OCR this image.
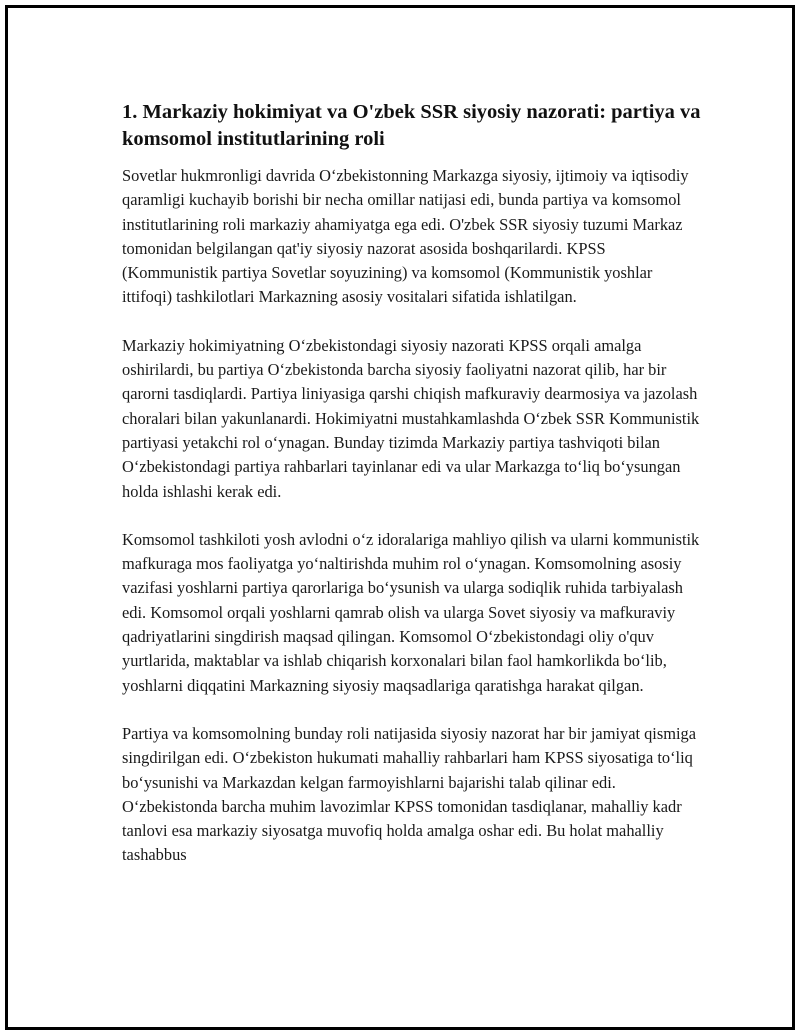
1. Markaziy hokimiyat va O'zbek SSR siyosiy nazorati: partiya va komsomol institutlarining roli

Sovetlar hukmronligi davrida O‘zbekistonning Markazga siyosiy, ijtimoiy va iqtisodiy qaramligi kuchayib borishi bir necha omillar natijasi edi, bunda partiya va komsomol institutlarining roli markaziy ahamiyatga ega edi. O'zbek SSR siyosiy tuzumi Markaz tomonidan belgilangan qat'iy siyosiy nazorat asosida boshqarilardi. KPSS (Kommunistik partiya Sovetlar soyuzining) va komsomol (Kommunistik yoshlar ittifoqi) tashkilotlari Markazning asosiy vositalari sifatida ishlatilgan.

Markaziy hokimiyatning O‘zbekistondagi siyosiy nazorati KPSS orqali amalga oshirilardi, bu partiya O‘zbekistonda barcha siyosiy faoliyatni nazorat qilib, har bir qarorni tasdiqlardi. Partiya liniyasiga qarshi chiqish mafkuraviy dearmosiya va jazolash choralari bilan yakunlanardi. Hokimiyatni mustahkamlashda O‘zbek SSR Kommunistik partiyasi yetakchi rol o‘ynagan. Bunday tizimda Markaziy partiya tashviqoti bilan O‘zbekistondagi partiya rahbarlari tayinlanar edi va ular Markazga to‘liq bo‘ysungan holda ishlashi kerak edi.

Komsomol tashkiloti yosh avlodni o‘z idoralariga mahliyo qilish va ularni kommunistik mafkuraga mos faoliyatga yo‘naltirishda muhim rol o‘ynagan. Komsomolning asosiy vazifasi yoshlarni partiya qarorlariga bo‘ysunish va ularga sodiqlik ruhida tarbiyalash edi. Komsomol orqali yoshlarni qamrab olish va ularga Sovet siyosiy va mafkuraviy qadriyatlarini singdirish maqsad qilingan. Komsomol O‘zbekistondagi oliy o'quv yurtlarida, maktablar va ishlab chiqarish korxonalari bilan faol hamkorlikda bo‘lib, yoshlarni diqqatini Markazning siyosiy maqsadlariga qaratishga harakat qilgan.

Partiya va komsomolning bunday roli natijasida siyosiy nazorat har bir jamiyat qismiga singdirilgan edi. O‘zbekiston hukumati mahalliy rahbarlari ham KPSS siyosatiga to‘liq bo‘ysunishi va Markazdan kelgan farmoyishlarni bajarishi talab qilinar edi. O‘zbekistonda barcha muhim lavozimlar KPSS tomonidan tasdiqlanar, mahalliy kadr tanlovi esa markaziy siyosatga muvofiq holda amalga oshar edi. Bu holat mahalliy tashabbus
